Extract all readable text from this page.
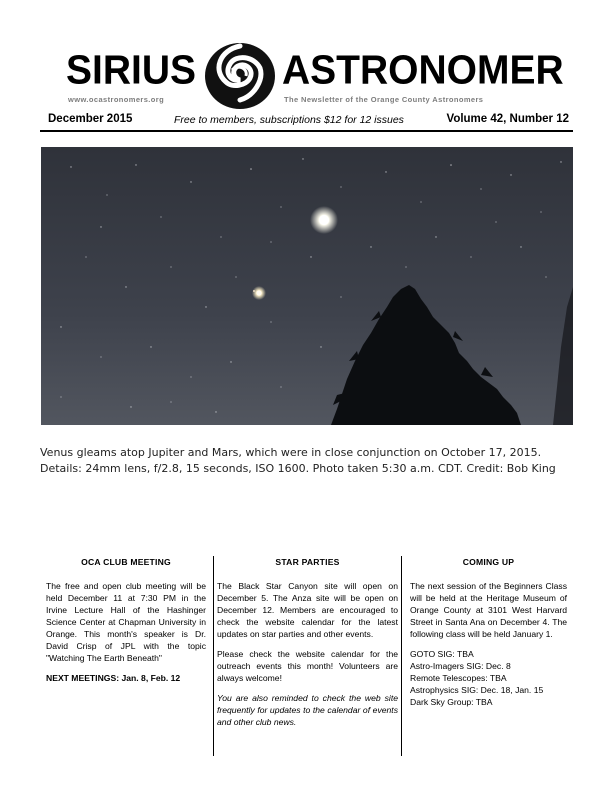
SIRIUS ASTRONOMER
www.ocastronomers.org	The Newsletter of the Orange County Astronomers
December 2015	Free to members, subscriptions $12 for 12 issues	Volume 42, Number 12
Venus gleams atop Jupiter and Mars, which were in close conjunction on October 17, 2015. Details: 24mm lens, f/2.8, 15 seconds, ISO 1600. Photo taken 5:30 a.m. CDT. Credit: Bob King
OCA CLUB MEETING

The free and open club meeting will be held December 11 at 7:30 PM in the Irvine Lecture Hall of the Hashinger Science Center at Chapman University in Orange. This month's speaker is Dr. David Crisp of JPL with the topic "Watching The Earth Beneath"

NEXT MEETINGS: Jan. 8, Feb. 12

STAR PARTIES

The Black Star Canyon site will open on December 5. The Anza site will be open on December 12. Members are encouraged to check the website calendar for the latest updates on star parties and other events.

Please check the website calendar for the outreach events this month! Volunteers are always welcome!

You are also reminded to check the web site frequently for updates to the calendar of events and other club news.

COMING UP

The next session of the Beginners Class will be held at the Heritage Museum of Orange County at 3101 West Harvard Street in Santa Ana on December 4. The following class will be held January 1.

GOTO SIG: TBA
Astro-Imagers SIG: Dec. 8
Remote Telescopes: TBA
Astrophysics SIG: Dec. 18, Jan. 15
Dark Sky Group: TBA
